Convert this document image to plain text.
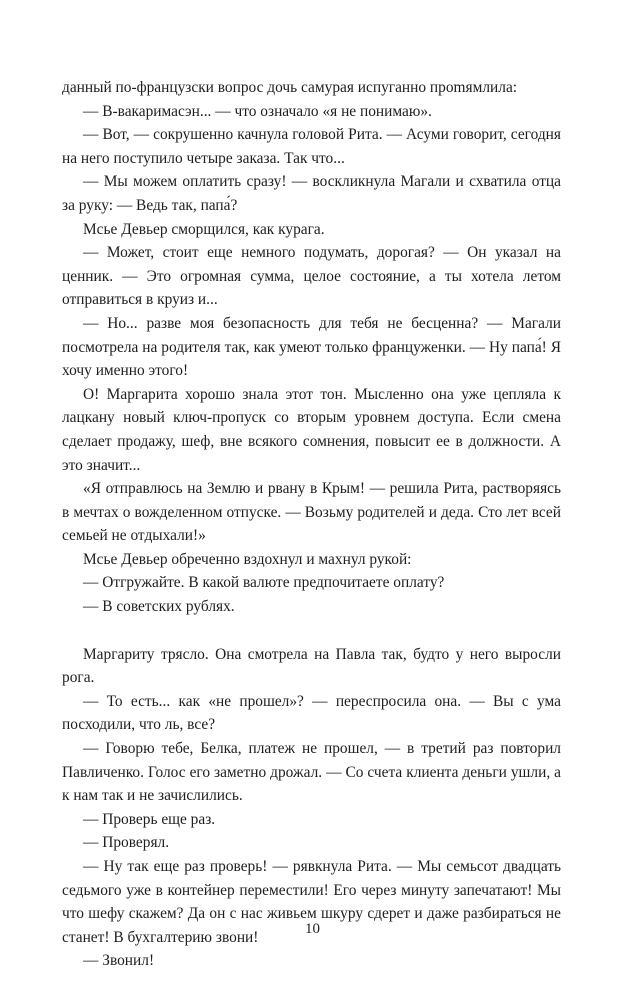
данный по-французски вопрос дочь самурая испуганно проmямлила:

— В-вакаримасэн... — что означало «я не понимаю».

— Вот, — сокрушенно качнула головой Рита. — Асуми говорит, сегодня на него поступило четыре заказа. Так что...

— Мы можем оплатить сразу! — воскликнула Магали и схватила отца за руку: — Ведь так, папа́?

Мсье Девьер сморщился, как курага.

— Может, стоит еще немного подумать, дорогая? — Он указал на ценник. — Это огромная сумма, целое состояние, а ты хотела летом отправиться в круиз и...

— Но... разве моя безопасность для тебя не бесценна? — Магали посмотрела на родителя так, как умеют только француженки. — Ну папа́! Я хочу именно этого!

О! Маргарита хорошо знала этот тон. Мысленно она уже цепляла к лацкану новый ключ-пропуск со вторым уровнем доступа. Если смена сделает продажу, шеф, вне всякого сомнения, повысит ее в должности. А это значит...

«Я отправлюсь на Землю и рвану в Крым! — решила Рита, растворяясь в мечтах о вожделенном отпуске. — Возьму родителей и деда. Сто лет всей семьей не отдыхали!»

Мсье Девьер обреченно вздохнул и махнул рукой:

— Отгружайте. В какой валюте предпочитаете оплату?

— В советских рублях.

Маргариту трясло. Она смотрела на Павла так, будто у него выросли рога.

— То есть... как «не прошел»? — переспросила она. — Вы с ума посходили, что ль, все?

— Говорю тебе, Белка, платеж не прошел, — в третий раз повторил Павличенко. Голос его заметно дрожал. — Со счета клиента деньги ушли, а к нам так и не зачислились.

— Проверь еще раз.

— Проверял.

— Ну так еще раз проверь! — рявкнула Рита. — Мы семьсот двадцать седьмого уже в контейнер переместили! Его через минуту запечатают! Мы что шефу скажем? Да он с нас живьем шкуру сдерет и даже разбираться не станет! В бухгалтерию звони!

— Звонил!

10
